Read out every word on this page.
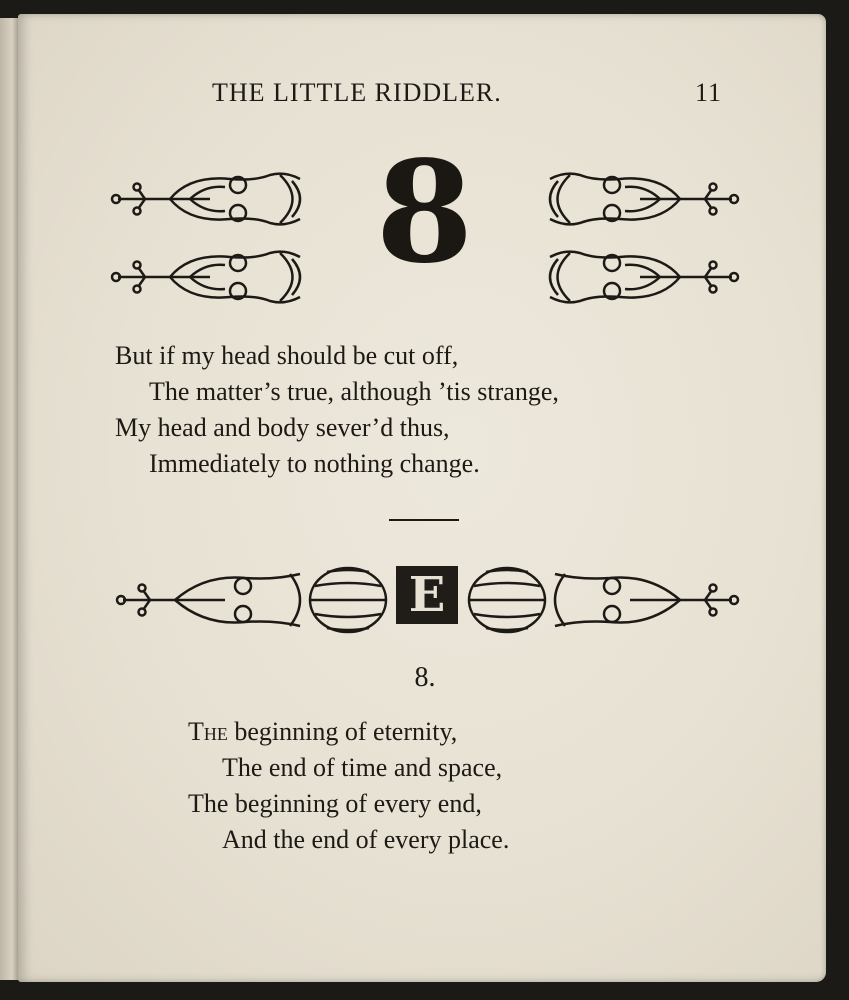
THE LITTLE RIDDLER.	11
8
But if my head should be cut off,
The matter’s true, although ’tis strange,
My head and body sever’d thus,
Immediately to nothing change.
E
8.
The beginning of eternity,
The end of time and space,
The beginning of every end,
And the end of every place.
